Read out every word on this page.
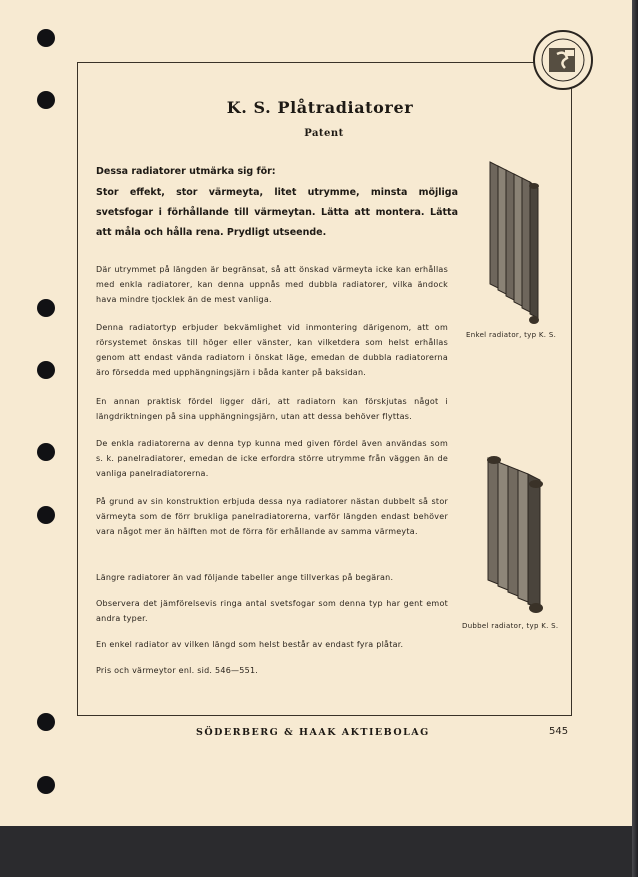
K. S. Plåtradiatorer
Patent
Dessa radiatorer utmärka sig för:
Stor effekt, stor värmeyta, litet utrymme, minsta möjliga svetsfogar i förhållande till värmeytan. Lätta att montera. Lätta att måla och hålla rena. Prydligt utseende.
Där utrymmet på längden är begränsat, så att önskad värmeyta icke kan erhållas med enkla radiatorer, kan denna uppnås med dubbla radiatorer, vilka ändock hava mindre tjocklek än de mest vanliga.
Denna radiatortyp erbjuder bekvämlighet vid inmontering därigenom, att om rörsystemet önskas till höger eller vänster, kan vilketdera som helst erhållas genom att endast vända radiatorn i önskat läge, emedan de dubbla radiatorerna äro försedda med upphängningsjärn i båda kanter på baksidan.
En annan praktisk fördel ligger däri, att radiatorn kan förskjutas något i längdriktningen på sina upphängningsjärn, utan att dessa behöver flyttas.
De enkla radiatorerna av denna typ kunna med given fördel även användas som s. k. panelradiatorer, emedan de icke erfordra större utrymme från väggen än de vanliga panelradiatorerna.
På grund av sin konstruktion erbjuda dessa nya radiatorer nästan dubbelt så stor värmeyta som de förr brukliga panelradiatorerna, varför längden endast behöver vara något mer än hälften mot de förra för erhållande av samma värmeyta.
Längre radiatorer än vad följande tabeller ange tillverkas på begäran.
Observera det jämförelsevis ringa antal svetsfogar som denna typ har gent emot andra typer.
En enkel radiator av vilken längd som helst består av endast fyra plåtar.
Pris och värmeytor enl. sid. 546—551.
Enkel radiator, typ K. S.
Dubbel radiator, typ K. S.
SÖDERBERG & HAAK AKTIEBOLAG	545
